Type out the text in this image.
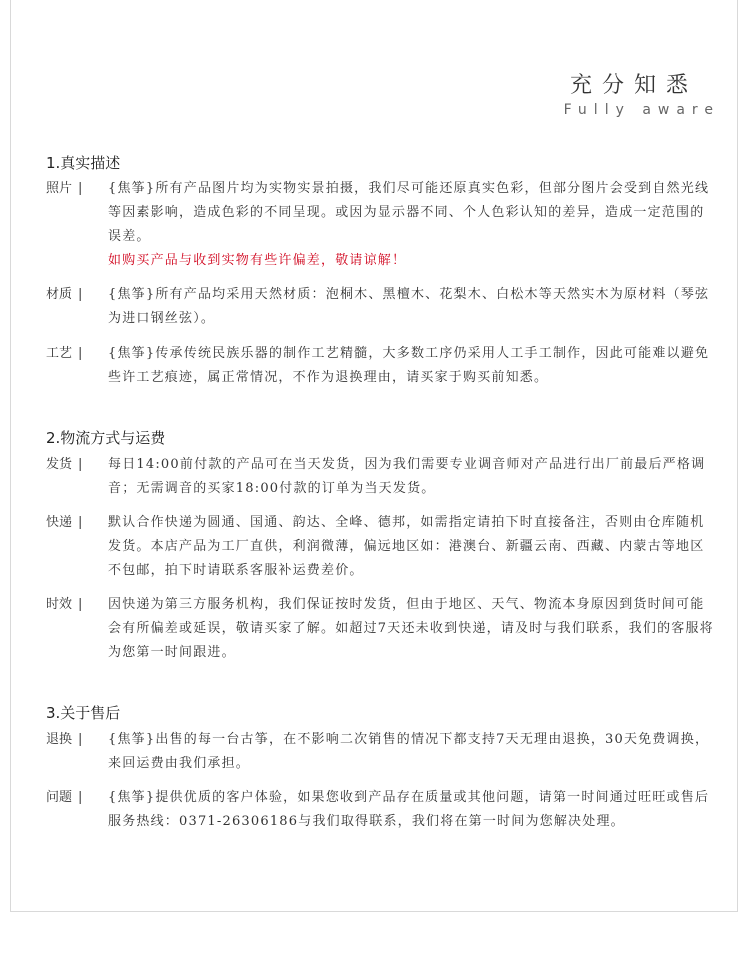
充分知悉
Fully aware
1.真实描述
照片 |	{焦筝}所有产品图片均为实物实景拍摄，我们尽可能还原真实色彩，但部分图片会受到自然光线等因素影响，造成色彩的不同呈现。或因为显示器不同、个人色彩认知的差异，造成一定范围的误差。
如购买产品与收到实物有些许偏差，敬请谅解！
材质 |	{焦筝}所有产品均采用天然材质：泡桐木、黑檀木、花梨木、白松木等天然实木为原材料（琴弦为进口钢丝弦）。
工艺 |	{焦筝}传承传统民族乐器的制作工艺精髓，大多数工序仍采用人工手工制作，因此可能难以避免些许工艺痕迹，属正常情况，不作为退换理由，请买家于购买前知悉。
2.物流方式与运费
发货 |	每日14:00前付款的产品可在当天发货，因为我们需要专业调音师对产品进行出厂前最后严格调音；无需调音的买家18:00付款的订单为当天发货。
快递 |	默认合作快递为圆通、国通、韵达、全峰、德邦，如需指定请拍下时直接备注，否则由仓库随机发货。本店产品为工厂直供，利润微薄，偏远地区如：港澳台、新疆云南、西藏、内蒙古等地区不包邮，拍下时请联系客服补运费差价。
时效 |	因快递为第三方服务机构，我们保证按时发货，但由于地区、天气、物流本身原因到货时间可能会有所偏差或延误，敬请买家了解。如超过7天还未收到快递，请及时与我们联系，我们的客服将为您第一时间跟进。
3.关于售后
退换 |	{焦筝}出售的每一台古筝，在不影响二次销售的情况下都支持7天无理由退换，30天免费调换，来回运费由我们承担。
问题 |	{焦筝}提供优质的客户体验，如果您收到产品存在质量或其他问题，请第一时间通过旺旺或售后服务热线：0371-26306186与我们取得联系，我们将在第一时间为您解决处理。
